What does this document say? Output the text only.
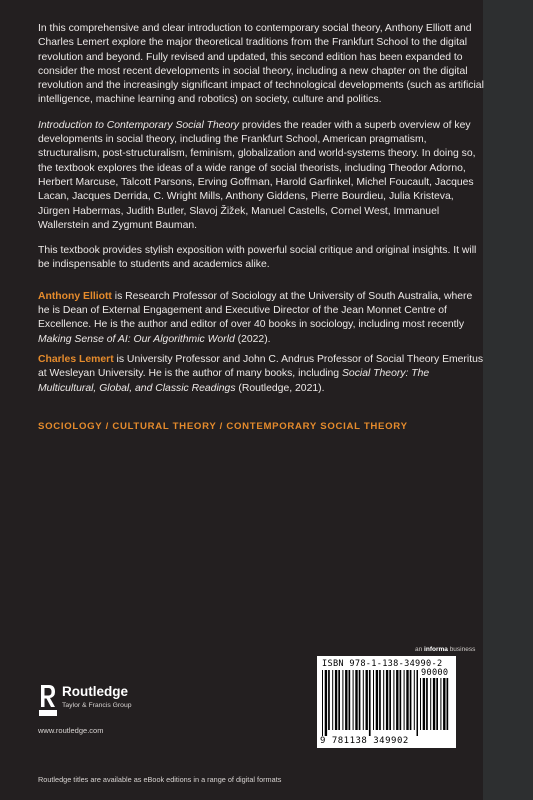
In this comprehensive and clear introduction to contemporary social theory, Anthony Elliott and Charles Lemert explore the major theoretical traditions from the Frankfurt School to the digital revolution and beyond. Fully revised and updated, this second edition has been expanded to consider the most recent developments in social theory, including a new chapter on the digital revolution and the increasingly significant impact of technological developments (such as artificial intelligence, machine learning and robotics) on society, culture and politics.

Introduction to Contemporary Social Theory provides the reader with a superb overview of key developments in social theory, including the Frankfurt School, American pragmatism, structuralism, post-structuralism, feminism, globalization and world-systems theory. In doing so, the textbook explores the ideas of a wide range of social theorists, including Theodor Adorno, Herbert Marcuse, Talcott Parsons, Erving Goffman, Harold Garfinkel, Michel Foucault, Jacques Lacan, Jacques Derrida, C. Wright Mills, Anthony Giddens, Pierre Bourdieu, Julia Kristeva, Jürgen Habermas, Judith Butler, Slavoj Žižek, Manuel Castells, Cornel West, Immanuel Wallerstein and Zygmunt Bauman.

This textbook provides stylish exposition with powerful social critique and original insights. It will be indispensable to students and academics alike.

Anthony Elliott is Research Professor of Sociology at the University of South Australia, where he is Dean of External Engagement and Executive Director of the Jean Monnet Centre of Excellence. He is the author and editor of over 40 books in sociology, including most recently Making Sense of AI: Our Algorithmic World (2022).

Charles Lemert is University Professor and John C. Andrus Professor of Social Theory Emeritus at Wesleyan University. He is the author of many books, including Social Theory: The Multicultural, Global, and Classic Readings (Routledge, 2021).

SOCIOLOGY / CULTURAL THEORY / CONTEMPORARY SOCIAL THEORY
an informa business
ISBN 978-1-138-34990-2
90000
9 781138 349902
Routledge
Taylor & Francis Group
www.routledge.com
Routledge titles are available as eBook editions in a range of digital formats
